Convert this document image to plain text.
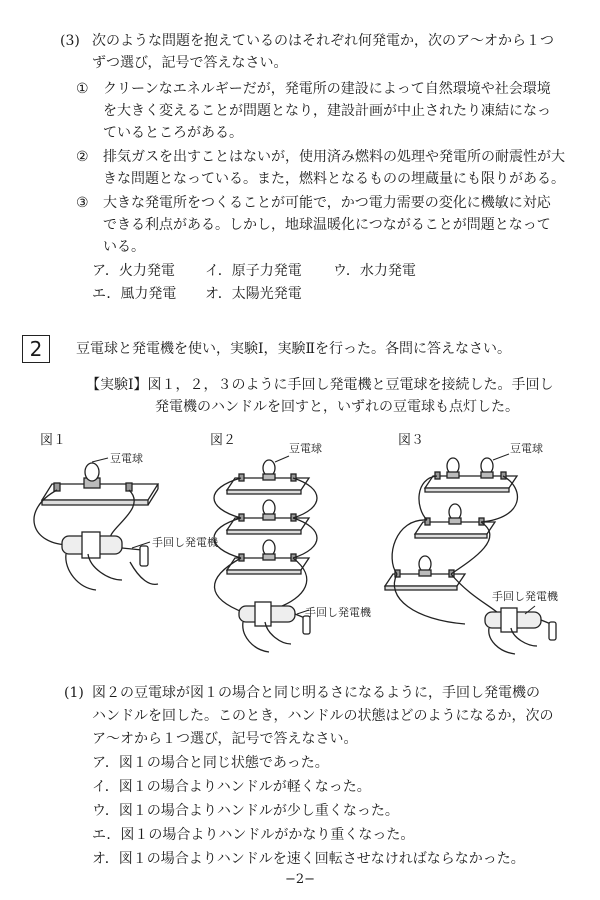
(3) 次のような問題を抱えているのはそれぞれ何発電か，次のア～オから１つ
ずつ選び，記号で答えなさい。
① クリーンなエネルギーだが，発電所の建設によって自然環境や社会環境
を大きく変えることが問題となり，建設計画が中止されたり凍結になっ
ているところがある。
② 排気ガスを出すことはないが，使用済み燃料の処理や発電所の耐震性が大
きな問題となっている。また，燃料となるものの埋蔵量にも限りがある。
③ 大きな発電所をつくることが可能で，かつ電力需要の変化に機敏に対応
できる利点がある。しかし，地球温暖化につながることが問題となって
いる。
ア．火力発電 イ．原子力発電 ウ．水力発電
エ．風力発電 オ．太陽光発電
2	豆電球と発電機を使い，実験Ⅰ，実験Ⅱを行った。各問に答えなさい。
【実験Ⅰ】図１，２，３のように手回し発電機と豆電球を接続した。手回し
発電機のハンドルを回すと，いずれの豆電球も点灯した。
図１	図２	図３
豆電球
手回し発電機
豆電球
手回し発電機
豆電球
手回し発電機
(1) 図２の豆電球が図１の場合と同じ明るさになるように，手回し発電機の
ハンドルを回した。このとき，ハンドルの状態はどのようになるか，次の
ア～オから１つ選び，記号で答えなさい。
ア．図１の場合と同じ状態であった。
イ．図１の場合よりハンドルが軽くなった。
ウ．図１の場合よりハンドルが少し重くなった。
エ．図１の場合よりハンドルがかなり重くなった。
オ．図１の場合よりハンドルを速く回転させなければならなかった。
−2−
